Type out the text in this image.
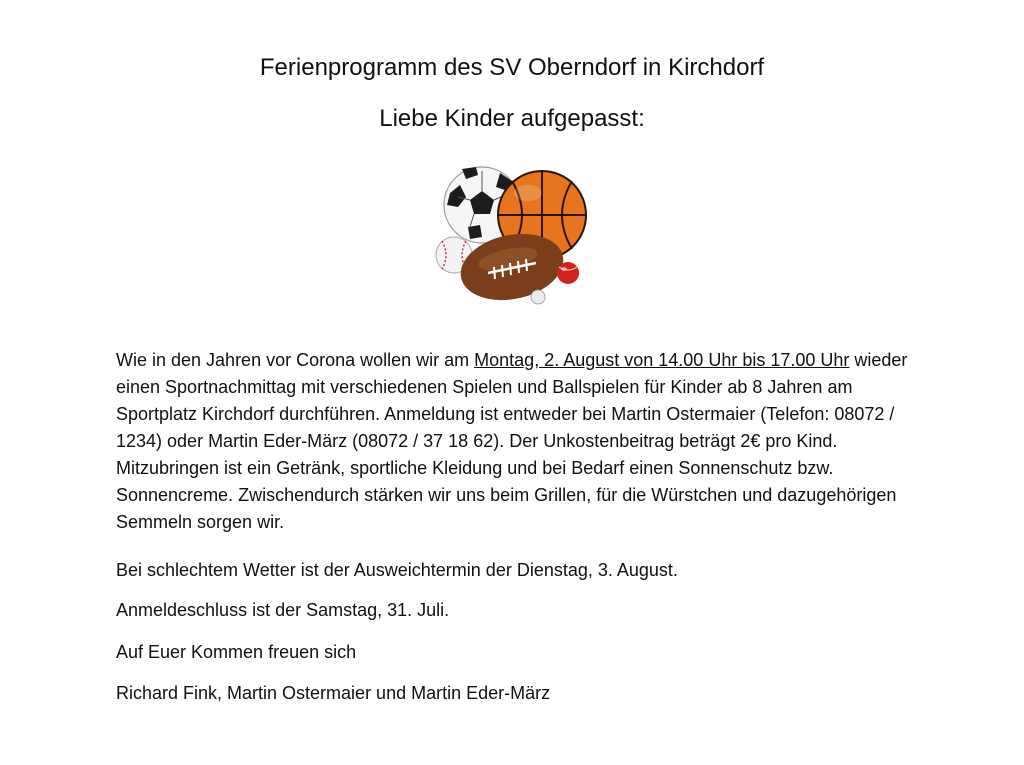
Ferienprogramm des SV Oberndorf in Kirchdorf
Liebe Kinder aufgepasst:

Wie in den Jahren vor Corona wollen wir am Montag, 2. August von 14.00 Uhr bis 17.00 Uhr wieder einen Sportnachmittag mit verschiedenen Spielen und Ballspielen für Kinder ab 8 Jahren am Sportplatz Kirchdorf durchführen. Anmeldung ist entweder bei Martin Ostermaier (Telefon: 08072 / 1234) oder Martin Eder-März (08072 / 37 18 62). Der Unkostenbeitrag beträgt 2€ pro Kind. Mitzubringen ist ein Getränk, sportliche Kleidung und bei Bedarf einen Sonnenschutz bzw. Sonnencreme. Zwischendurch stärken wir uns beim Grillen, für die Würstchen und dazugehörigen Semmeln sorgen wir.

Bei schlechtem Wetter ist der Ausweichtermin der Dienstag, 3. August.

Anmeldeschluss ist der Samstag, 31. Juli.

Auf Euer Kommen freuen sich

Richard Fink, Martin Ostermaier und Martin Eder-März
